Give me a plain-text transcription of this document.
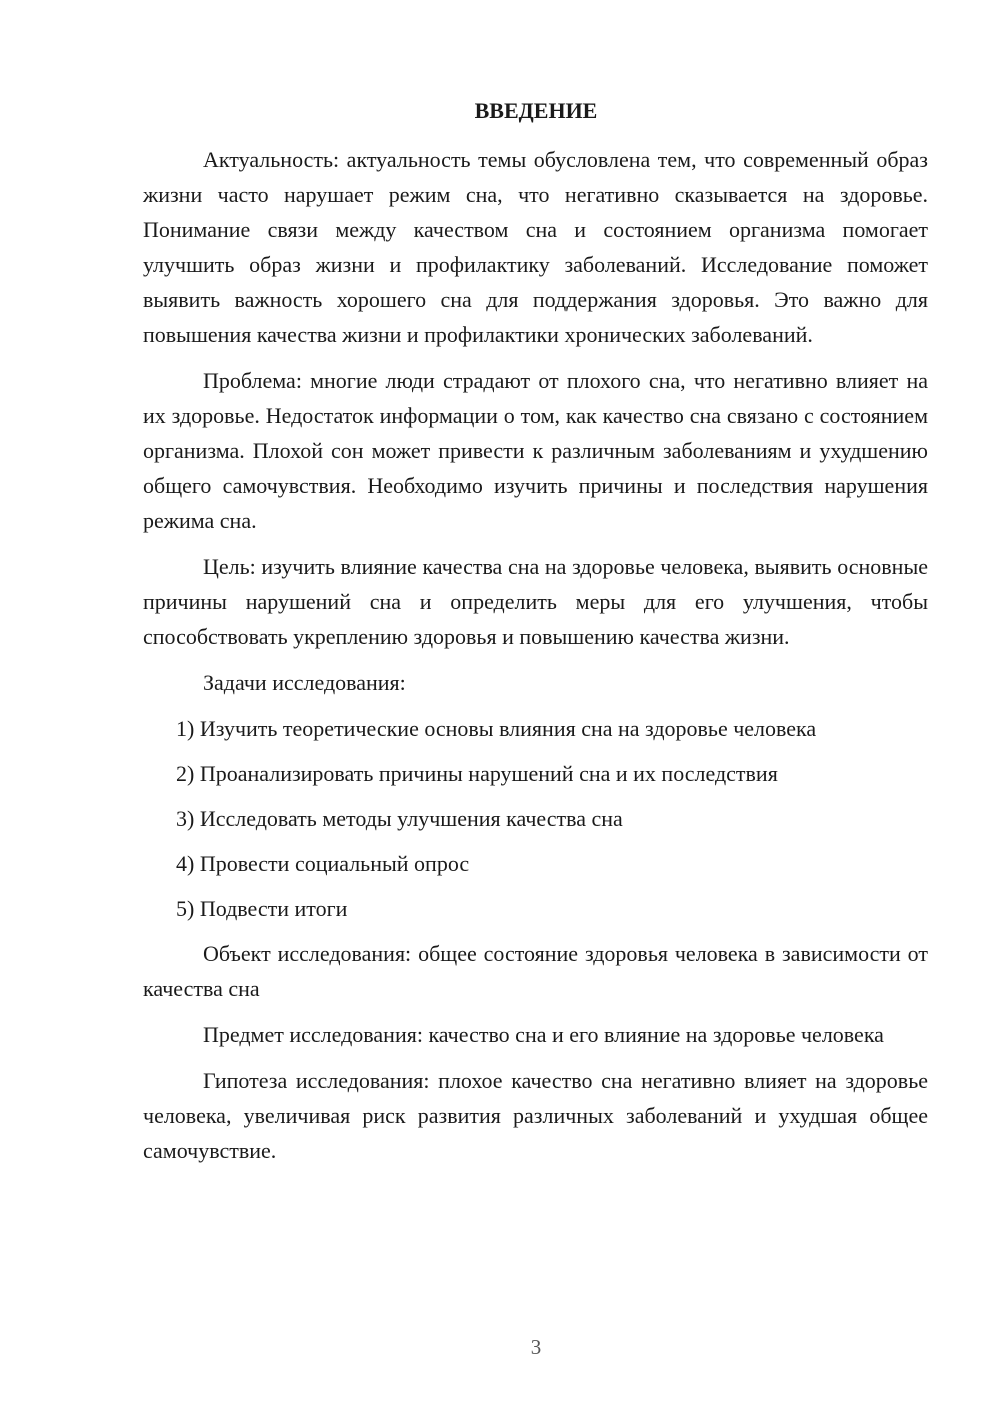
ВВЕДЕНИЕ

Актуальность: актуальность темы обусловлена тем, что современный образ жизни часто нарушает режим сна, что негативно сказывается на здоровье. Понимание связи между качеством сна и состоянием организма помогает улучшить образ жизни и профилактику заболеваний. Исследование поможет выявить важность хорошего сна для поддержания здоровья. Это важно для повышения качества жизни и профилактики хронических заболеваний.

Проблема: многие люди страдают от плохого сна, что негативно влияет на их здоровье. Недостаток информации о том, как качество сна связано с состоянием организма. Плохой сон может привести к различным заболеваниям и ухудшению общего самочувствия. Необходимо изучить причины и последствия нарушения режима сна.

Цель: изучить влияние качества сна на здоровье человека, выявить основные причины нарушений сна и определить меры для его улучшения, чтобы способствовать укреплению здоровья и повышению качества жизни.

Задачи исследования:

1) Изучить теоретические основы влияния сна на здоровье человека

2) Проанализировать причины нарушений сна и их последствия

3) Исследовать методы улучшения качества сна

4) Провести социальный опрос

5) Подвести итоги

Объект исследования: общее состояние здоровья человека в зависимости от качества сна

Предмет исследования: качество сна и его влияние на здоровье человека

Гипотеза исследования: плохое качество сна негативно влияет на здоровье человека, увеличивая риск развития различных заболеваний и ухудшая общее самочувствие.

3
